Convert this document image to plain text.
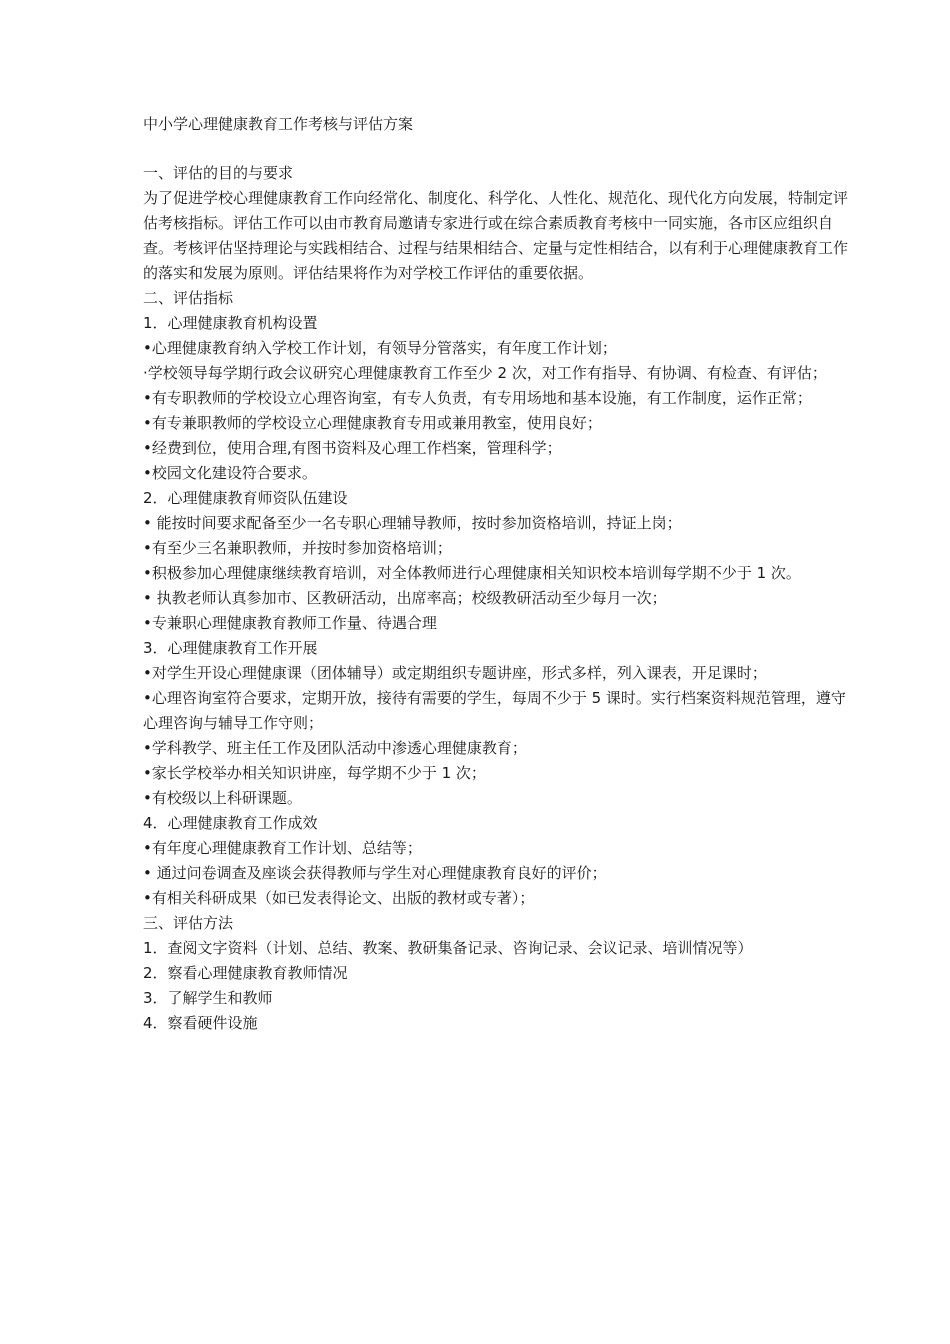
中小学心理健康教育工作考核与评估方案

一、评估的目的与要求

为了促进学校心理健康教育工作向经常化、制度化、科学化、人性化、规范化、现代化方向发展，特制定评估考核指标。评估工作可以由市教育局邀请专家进行或在综合素质教育考核中一同实施，各市区应组织自查。考核评估坚持理论与实践相结合、过程与结果相结合、定量与定性相结合，以有利于心理健康教育工作的落实和发展为原则。评估结果将作为对学校工作评估的重要依据。

二、评估指标

1．心理健康教育机构设置

•心理健康教育纳入学校工作计划，有领导分管落实，有年度工作计划；

·学校领导每学期行政会议研究心理健康教育工作至少 2 次，对工作有指导、有协调、有检查、有评估；

•有专职教师的学校设立心理咨询室，有专人负责，有专用场地和基本设施，有工作制度，运作正常；

•有专兼职教师的学校设立心理健康教育专用或兼用教室，使用良好；

•经费到位，使用合理,有图书资料及心理工作档案，管理科学；

•校园文化建设符合要求。

2．心理健康教育师资队伍建设

• 能按时间要求配备至少一名专职心理辅导教师，按时参加资格培训，持证上岗；

•有至少三名兼职教师，并按时参加资格培训；

•积极参加心理健康继续教育培训，对全体教师进行心理健康相关知识校本培训每学期不少于 1 次。

• 执教老师认真参加市、区教研活动，出席率高；校级教研活动至少每月一次；

•专兼职心理健康教育教师工作量、待遇合理

3．心理健康教育工作开展

•对学生开设心理健康课（团体辅导）或定期组织专题讲座，形式多样，列入课表，开足课时；

•心理咨询室符合要求，定期开放，接待有需要的学生，每周不少于 5 课时。实行档案资料规范管理，遵守心理咨询与辅导工作守则；

•学科教学、班主任工作及团队活动中渗透心理健康教育；

•家长学校举办相关知识讲座，每学期不少于 1 次；

•有校级以上科研课题。

4．心理健康教育工作成效

•有年度心理健康教育工作计划、总结等；

• 通过问卷调查及座谈会获得教师与学生对心理健康教育良好的评价；

•有相关科研成果（如已发表得论文、出版的教材或专著）；

三、评估方法

1．查阅文字资料（计划、总结、教案、教研集备记录、咨询记录、会议记录、培训情况等）

2．察看心理健康教育教师情况

3．了解学生和教师

4．察看硬件设施
